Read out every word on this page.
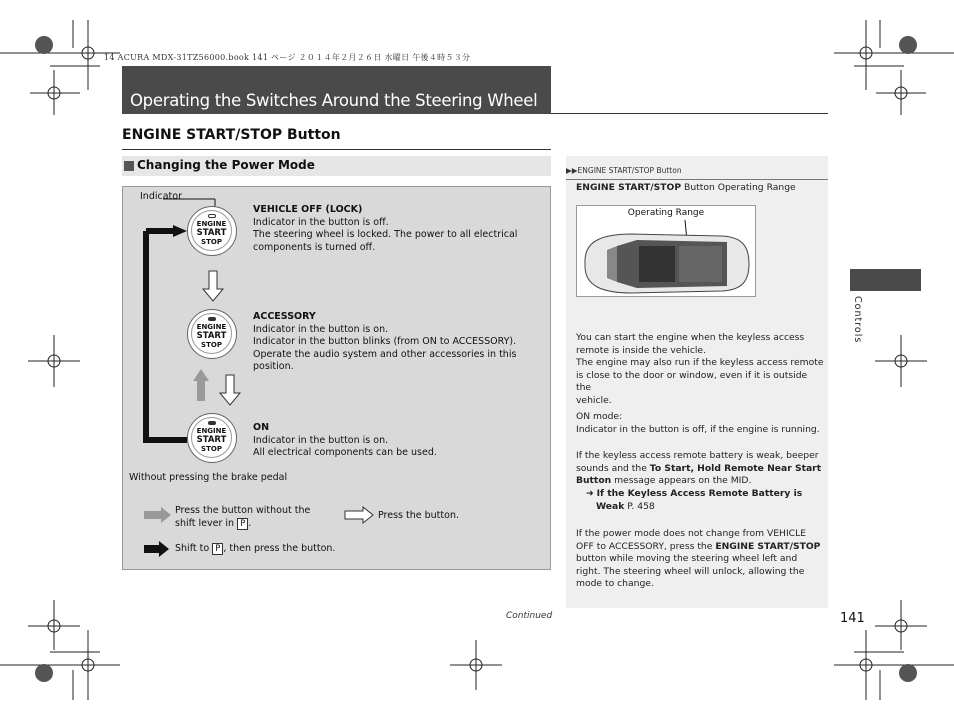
14 ACURA MDX-31TZ56000.book 141 ページ ２０１４年２月２６日 水曜日 午後４時５３分
Operating the Switches Around the Steering Wheel
ENGINE START/STOP Button
Changing the Power Mode
Indicator
ENGINE
START
STOP
VEHICLE OFF (LOCK)
Indicator in the button is off.
The steering wheel is locked. The power to all electrical
components is turned off.
ENGINE
START
STOP
ACCESSORY
Indicator in the button is on.
Indicator in the button blinks (from ON to ACCESSORY).
Operate the audio system and other accessories in this
position.
ENGINE
START
STOP
ON
Indicator in the button is on.
All electrical components can be used.
Without pressing the brake pedal
Press the button without the
shift lever in P .
Press the button.
Shift to P , then press the button.
▶▶ENGINE START/STOP Button
ENGINE START/STOP Button Operating Range
You can start the engine when the keyless access
remote is inside the vehicle.
The engine may also run if the keyless access remote
is close to the door or window, even if it is outside the
vehicle.
ON mode:
Indicator in the button is off, if the engine is running.
If the keyless access remote battery is weak, beeper
sounds and the To Start, Hold Remote Near Start
Button message appears on the MID.
➜ If the Keyless Access Remote Battery is
Weak P. 458
If the power mode does not change from VEHICLE
OFF to ACCESSORY, press the ENGINE START/STOP
button while moving the steering wheel left and
right. The steering wheel will unlock, allowing the
mode to change.
Operating Range
Controls
Continued	141
